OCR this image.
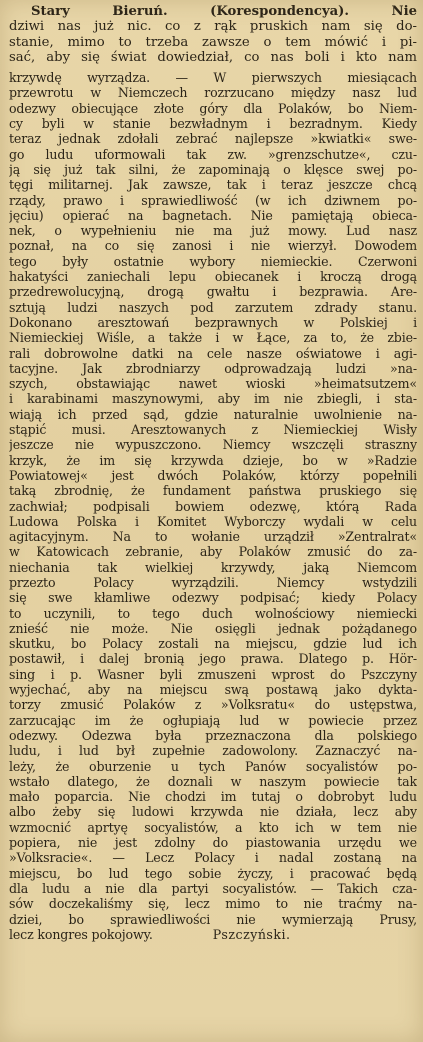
Stary Bieruń. (Korespondencya). Nie
dziwi nas już nic. co z rąk pruskich nam się do-
stanie, mimo to trzeba zawsze o tem mówić i pi-
sać, aby się świat dowiedział, co nas boli i kto nam
krzywdę wyrządza. — W pierwszych miesiącach
przewrotu w Niemczech rozrzucano między nasz lud
odezwy obiecujące złote góry dla Polaków, bo Niem-
cy byli w stanie bezwładnym i bezradnym. Kiedy
teraz jednak zdołali zebrać najlepsze »kwiatki« swe-
go ludu uformowali tak zw. »grenzschutze«, czu-
ją się już tak silni, że zapominają o klęsce swej po-
tęgi militarnej. Jak zawsze, tak i teraz jeszcze chcą
rządy, prawo i sprawiedliwość (w ich dziwnem po-
jęciu) opierać na bagnetach. Nie pamiętają obieca-
nek, o wypełnieniu nie ma już mowy. Lud nasz
poznał, na co się zanosi i nie wierzył. Dowodem
tego były ostatnie wybory niemieckie. Czerwoni
hakatyści zaniechali lepu obiecanek i kroczą drogą
przedrewolucyjną, drogą gwałtu i bezprawia. Are-
sztują ludzi naszych pod zarzutem zdrady stanu.
Dokonano aresztowań bezprawnych w Polskiej i
Niemieckiej Wiśle, a także i w Łące, za to, że zbie-
rali dobrowolne datki na cele nasze oświatowe i agi-
tacyjne. Jak zbrodniarzy odprowadzają ludzi »na-
szych, obstawiając nawet wioski »heimatsutzem«
i karabinami maszynowymi, aby im nie zbiegli, i sta-
wiają ich przed sąd, gdzie naturalnie uwolnienie na-
stąpić musi. Aresztowanych z Niemieckiej Wisły
jeszcze nie wypuszczono. Niemcy wszczęli straszny
krzyk, że im się krzywda dzieje, bo w »Radzie
Powiatowej« jest dwóch Polaków, którzy popełnili
taką zbrodnię, że fundament państwa pruskiego się
zachwiał; podpisali bowiem odezwę, którą Rada
Ludowa Polska i Komitet Wyborczy wydali w celu
agitacyjnym. Na to wołanie urządził »Zentralrat«
w Katowicach zebranie, aby Polaków zmusić do za-
niechania tak wielkiej krzywdy, jaką Niemcom
przezto Polacy wyrządzili. Niemcy wstydzili
się swe kłamliwe odezwy podpisać; kiedy Polacy
to uczynili, to tego duch wolnościowy niemiecki
znieść nie może. Nie osięgli jednak pożądanego
skutku, bo Polacy zostali na miejscu, gdzie lud ich
postawił, i dalej bronią jego prawa. Dlatego p. Hör-
sing i p. Wasner byli zmuszeni wprost do Pszczyny
wyjechać, aby na miejscu swą postawą jako dykta-
torzy zmusić Polaków z »Volksratu« do ustępstwa,
zarzucając im że ogłupiają lud w powiecie przez
odezwy. Odezwa była przeznaczona dla polskiego
ludu, i lud był zupełnie zadowolony. Zaznaczyć na-
leży, że oburzenie u tych Panów socyalistów po-
wstało dlatego, że doznali w naszym powiecie tak
mało poparcia. Nie chodzi im tutaj o dobrobyt ludu
albo żeby się ludowi krzywda nie działa, lecz aby
wzmocnić aprtyę socyalistów, a kto ich w tem nie
popiera, nie jest zdolny do piastowania urzędu we
»Volksracie«. — Lecz Polacy i nadal zostaną na
miejscu, bo lud tego sobie życzy, i pracować będą
dla ludu a nie dla partyi socyalistów. — Takich cza-
sów doczekaliśmy się, lecz mimo to nie traćmy na-
dziei, bo sprawiedliwości nie wymierzają Prusy,
lecz kongres pokojowy.	Pszczyński.
